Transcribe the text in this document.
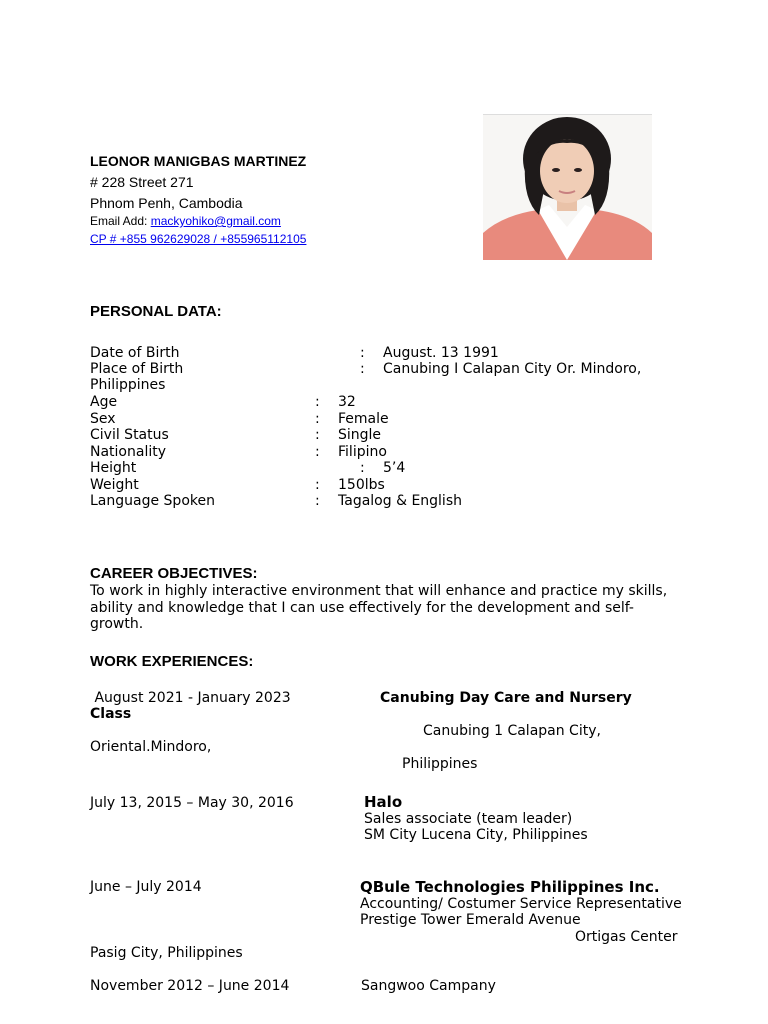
LEONOR MANIGBAS MARTINEZ
# 228 Street 271
Phnom Penh, Cambodia
Email Add: mackyohiko@gmail.com
CP # +855 962629028 / +855965112105
PERSONAL DATA:
Date of Birth	: August. 13 1991
Place of Birth	: Canubing I Calapan City Or. Mindoro,
Philippines
Age	: 32
Sex	: Female
Civil Status	: Single
Nationality	: Filipino
Height	: 5’4
Weight	: 150lbs
Language Spoken	: Tagalog & English
CAREER OBJECTIVES:
To work in highly interactive environment that will enhance and practice my skills,
ability and knowledge that I can use effectively for the development and self-
growth.
WORK EXPERIENCES:
August 2021 - January 2023	Canubing Day Care and Nursery
Class
Canubing 1 Calapan City,
Oriental.Mindoro,
Philippines
July 13, 2015 – May 30, 2016	Halo
Sales associate (team leader)
SM City Lucena City, Philippines
June – July 2014	QBule Technologies Philippines Inc.
Accounting/ Costumer Service Representative
Prestige Tower Emerald Avenue
Ortigas Center
Pasig City, Philippines
November 2012 – June 2014	Sangwoo Campany
